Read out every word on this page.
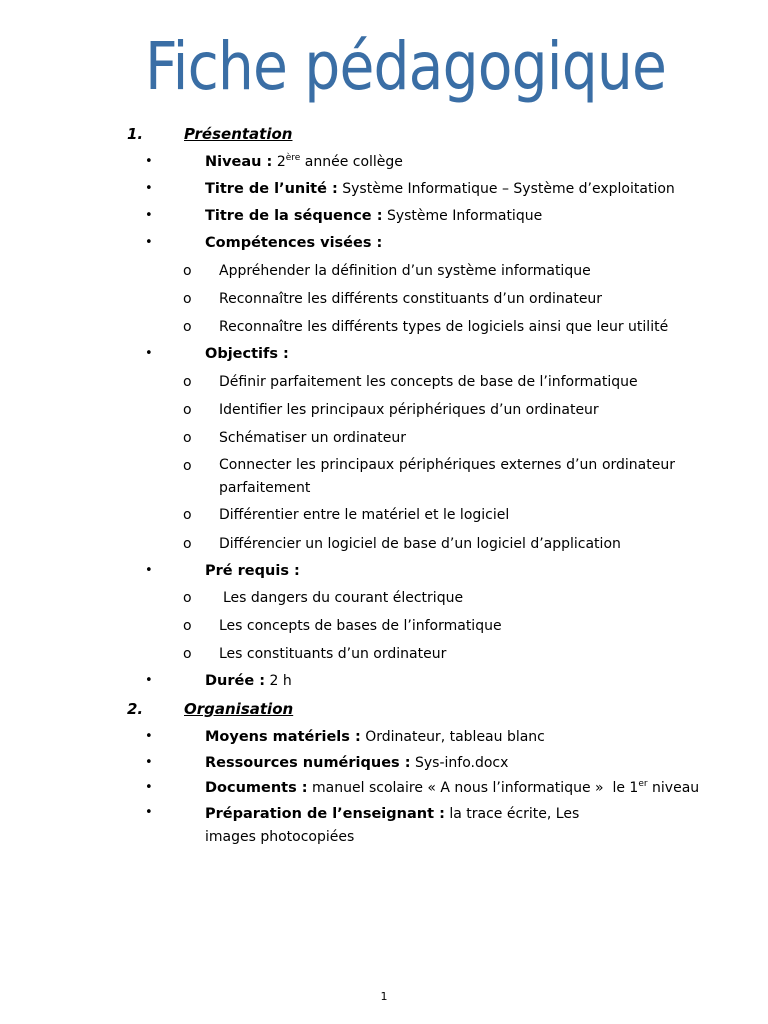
Fiche pédagogique
1.	Présentation
•	Niveau : 2ère année collège
•	Titre de l’unité : Système Informatique – Système d’exploitation
•	Titre de la séquence : Système Informatique
•	Compétences visées :
o Appréhender la définition d’un système informatique
o Reconnaître les différents constituants d’un ordinateur
o Reconnaître les différents types de logiciels ainsi que leur utilité
•	Objectifs :
o Définir parfaitement les concepts de base de l’informatique
o Identifier les principaux périphériques d’un ordinateur
o Schématiser un ordinateur
o Connecter les principaux périphériques externes d’un ordinateur parfaitement
o Différentier entre le matériel et le logiciel
o Différencier un logiciel de base d’un logiciel d’application
•	Pré requis :
o Les dangers du courant électrique
o Les concepts de bases de l’informatique
o Les constituants d’un ordinateur
•	Durée : 2 h
2.	Organisation
•	Moyens matériels : Ordinateur, tableau blanc
•	Ressources numériques : Sys-info.docx
•	Documents : manuel scolaire « A nous l’informatique »  le 1er niveau
•	Préparation de l’enseignant : la trace écrite, Les images photocopiées
1
